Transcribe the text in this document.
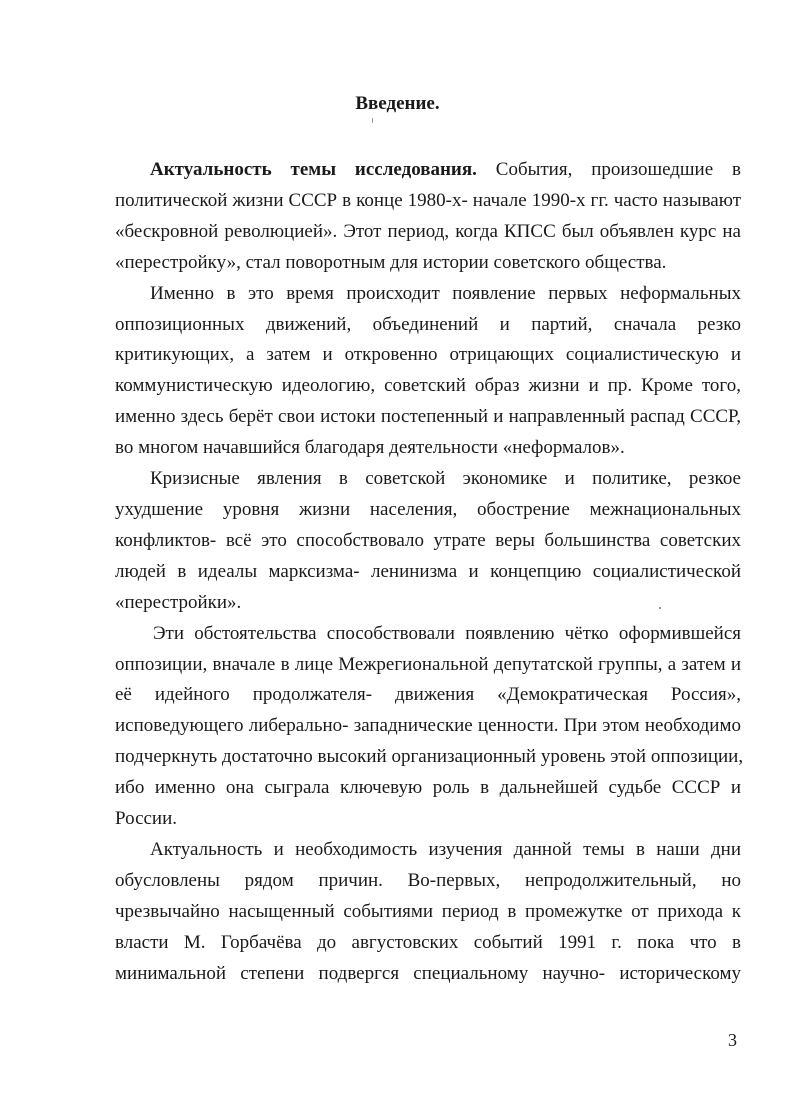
Введение.

Актуальность темы исследования. События, произошедшие в
политической жизни СССР в конце 1980-х- начале 1990-х гг. часто называют
«бескровной революцией». Этот период, когда КПСС был объявлен курс на
«перестройку», стал поворотным для истории советского общества.

Именно в это время происходит появление первых неформальных
оппозиционных движений, объединений и партий, сначала резко
критикующих, а затем и откровенно отрицающих социалистическую и
коммунистическую идеологию, советский образ жизни и пр. Кроме того,
именно здесь берёт свои истоки постепенный и направленный распад СССР,
во многом начавшийся благодаря деятельности «неформалов».

Кризисные явления в советской экономике и политике, резкое
ухудшение уровня жизни населения, обострение межнациональных
конфликтов- всё это способствовало утрате веры большинства советских
людей в идеалы марксизма- ленинизма и концепцию социалистической
«перестройки».

Эти обстоятельства способствовали появлению чётко оформившейся
оппозиции, вначале в лице Межрегиональной депутатской группы, а затем и
её идейного продолжателя- движения «Демократическая Россия»,
исповедующего либерально- западнические ценности. При этом необходимо
подчеркнуть достаточно высокий организационный уровень этой оппозиции,
ибо именно она сыграла ключевую роль в дальнейшей судьбе СССР и
России.

Актуальность и необходимость изучения данной темы в наши дни
обусловлены рядом причин. Во-первых, непродолжительный, но
чрезвычайно насыщенный событиями период в промежутке от прихода к
власти М. Горбачёва до августовских событий 1991 г. пока что в
минимальной степени подвергся специальному научно- историческому

3
